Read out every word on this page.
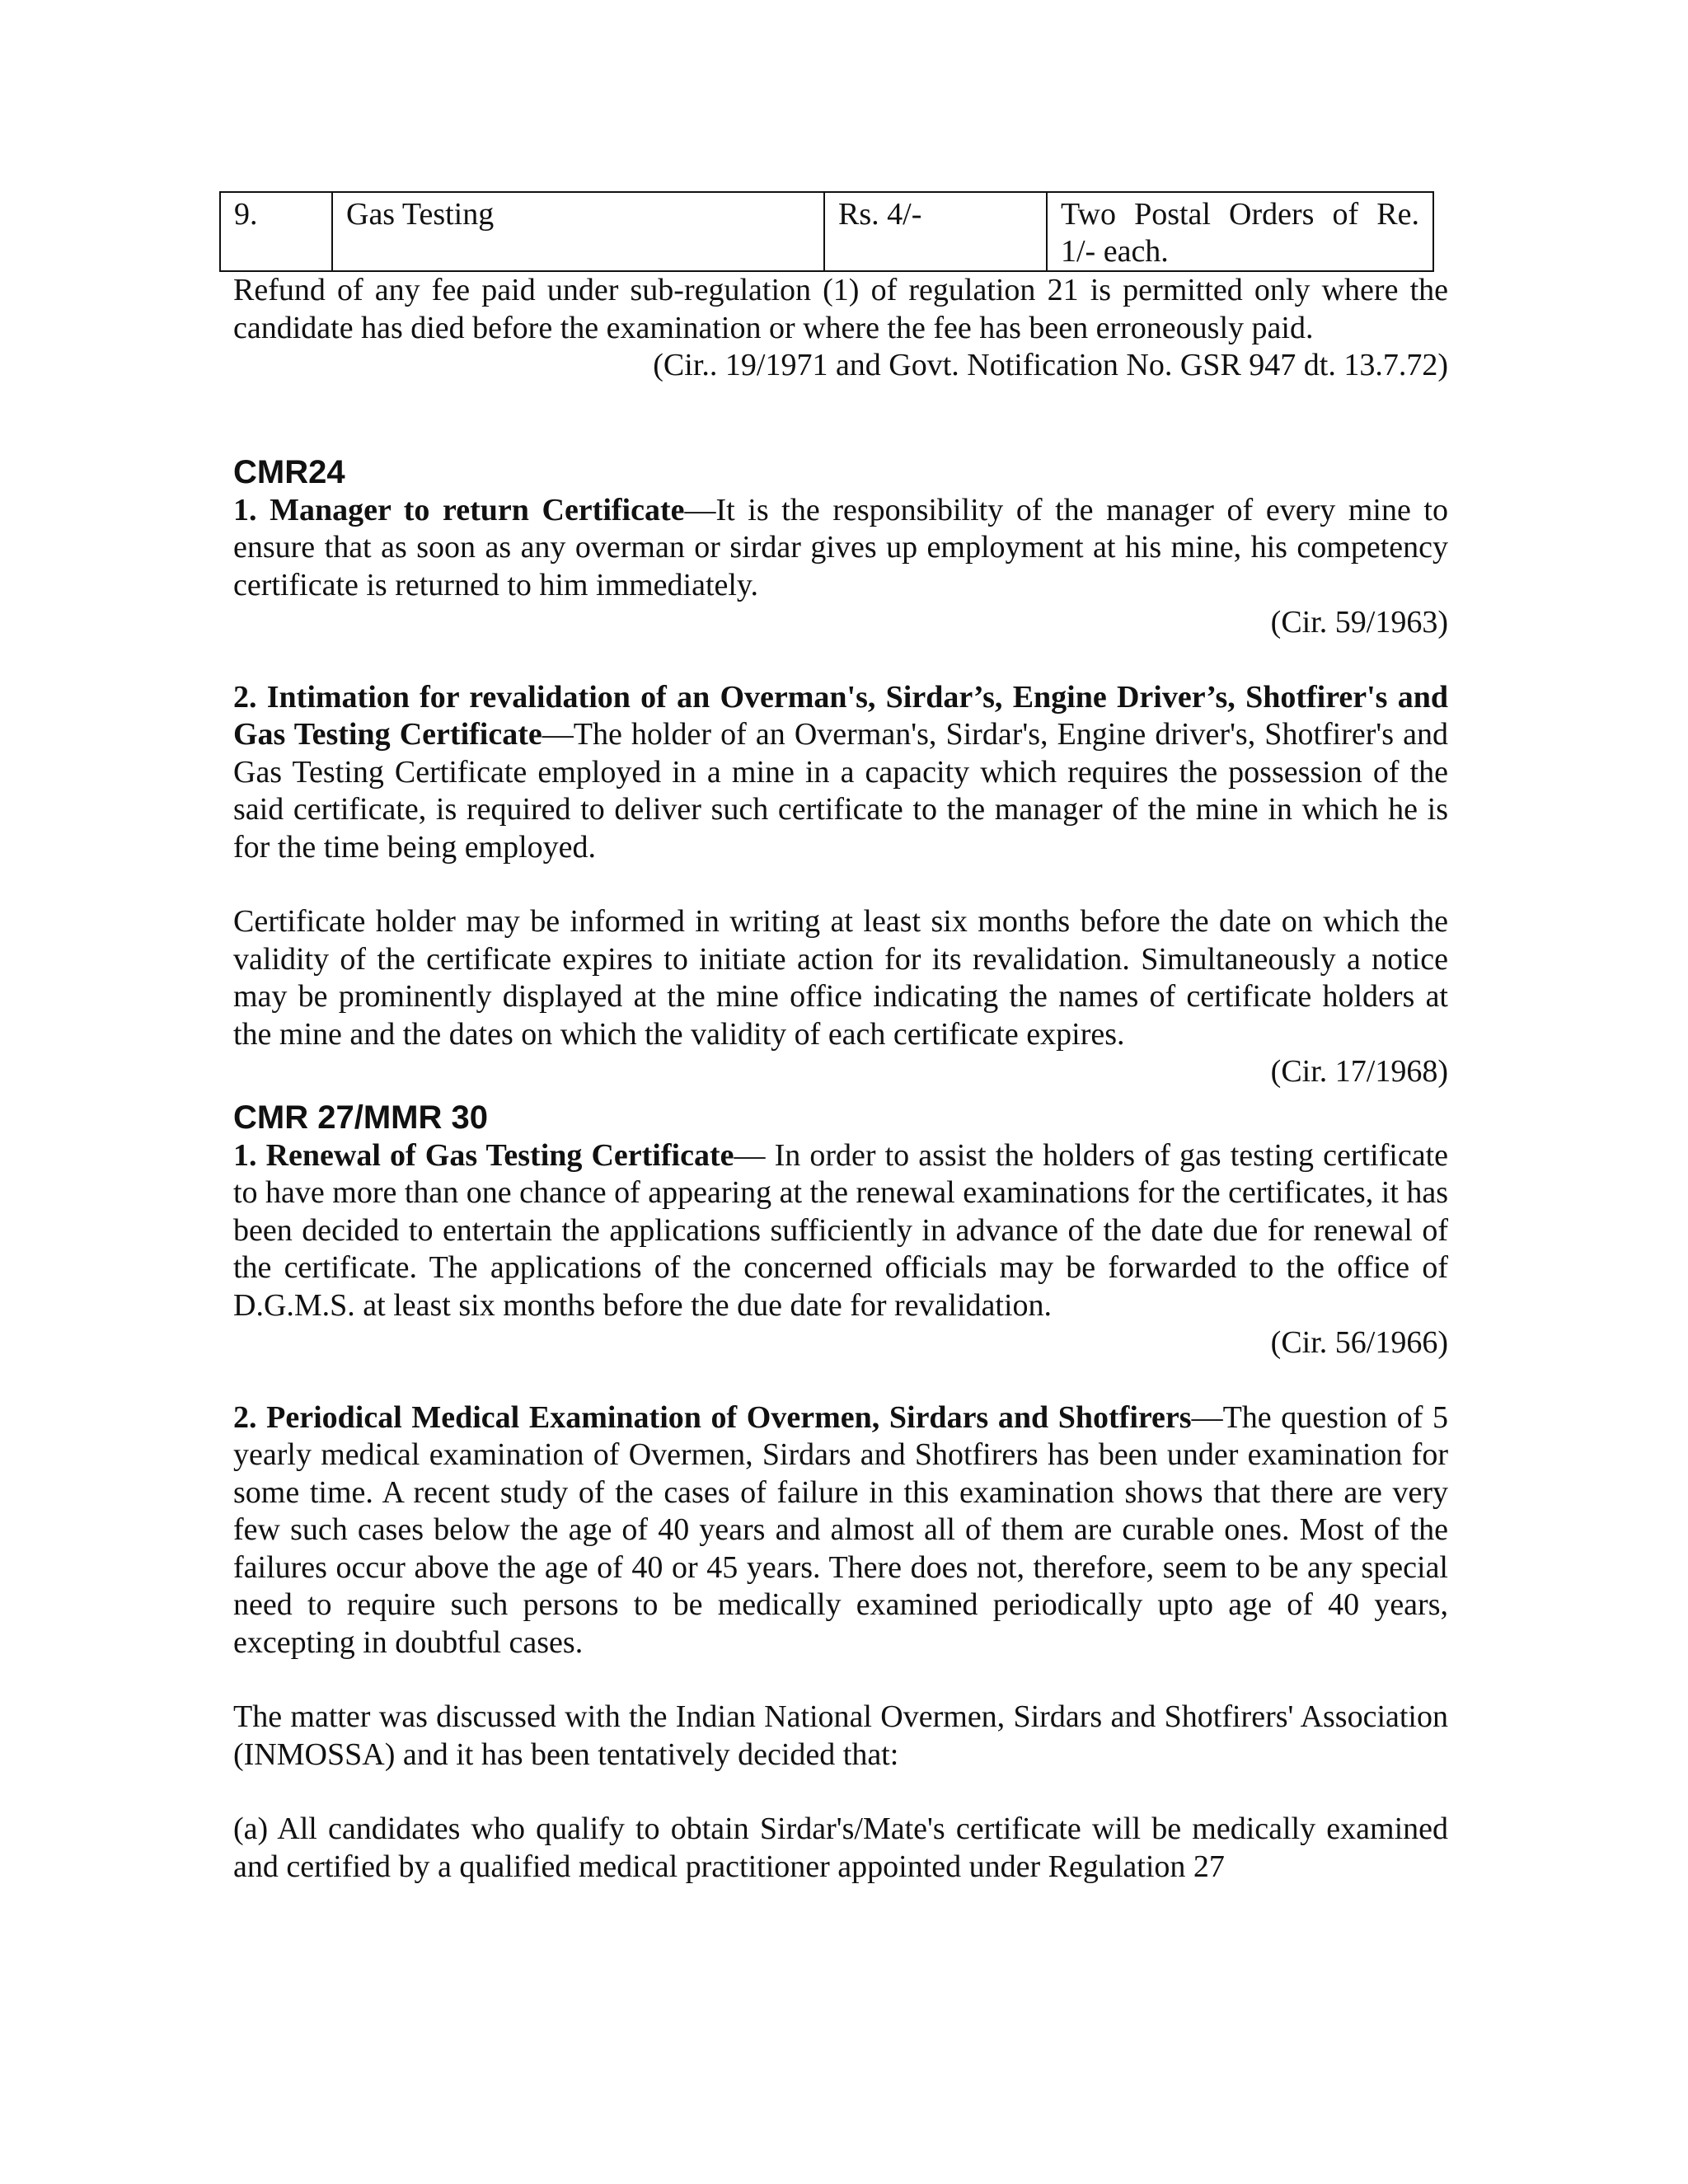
9.	Gas Testing	Rs. 4/-	Two Postal Orders of Re. 1/- each.

Refund of any fee paid under sub-regulation (1) of regulation 21 is permitted only where the candidate has died before the examination or where the fee has been erroneously paid.

(Cir.. 19/1971 and Govt. Notification No. GSR 947 dt. 13.7.72)

CMR24

1. Manager to return Certificate—It is the responsibility of the manager of every mine to ensure that as soon as any overman or sirdar gives up employment at his mine, his competency certificate is returned to him immediately.

(Cir. 59/1963)

2. Intimation for revalidation of an Overman's, Sirdar’s, Engine Driver’s, Shotfirer's and Gas Testing Certificate—The holder of an Overman's, Sirdar's, Engine driver's, Shotfirer's and Gas Testing Certificate employed in a mine in a capacity which requires the possession of the said certificate, is required to deliver such certificate to the manager of the mine in which he is for the time being employed.

Certificate holder may be informed in writing at least six months before the date on which the validity of the certificate expires to initiate action for its revalidation. Simultaneously a notice may be prominently displayed at the mine office indicating the names of certificate holders at the mine and the dates on which the validity of each certificate expires.

(Cir. 17/1968)

CMR 27/MMR 30

1. Renewal of Gas Testing Certificate— In order to assist the holders of gas testing certificate to have more than one chance of appearing at the renewal examinations for the certificates, it has been decided to entertain the applications sufficiently in advance of the date due for renewal of the certificate. The applications of the concerned officials may be forwarded to the office of D.G.M.S. at least six months before the due date for revalidation.

(Cir. 56/1966)

2. Periodical Medical Examination of Overmen, Sirdars and Shotfirers—The question of 5 yearly medical examination of Overmen, Sirdars and Shotfirers has been under examination for some time. A recent study of the cases of failure in this examination shows that there are very few such cases below the age of 40 years and almost all of them are curable ones. Most of the failures occur above the age of 40 or 45 years. There does not, therefore, seem to be any special need to require such persons to be medically examined periodically upto age of 40 years, excepting in doubtful cases.

The matter was discussed with the Indian National Overmen, Sirdars and Shotfirers' Association (INMOSSA) and it has been tentatively decided that:

(a) All candidates who qualify to obtain Sirdar's/Mate's certificate will be medically examined and certified by a qualified medical practitioner appointed under Regulation 27
